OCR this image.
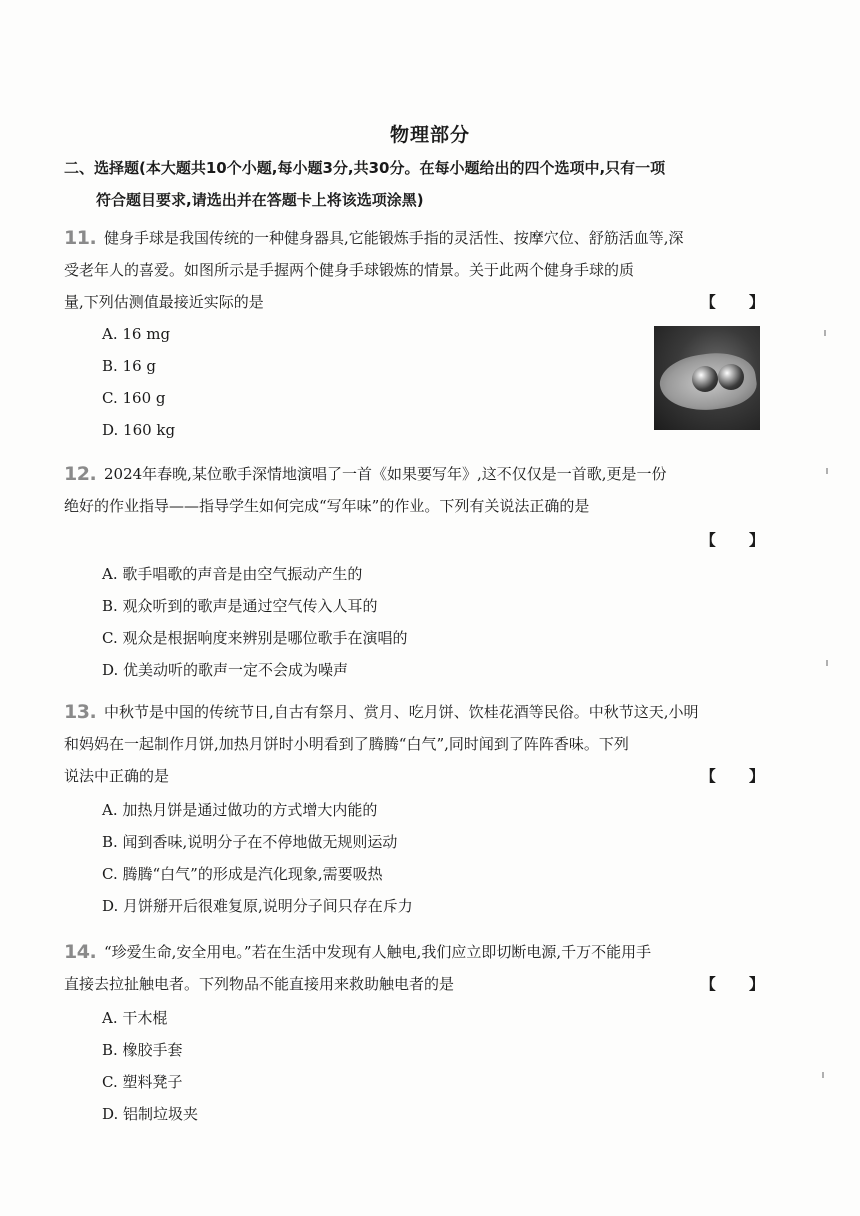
物理部分
二、选择题(本大题共10个小题,每小题3分,共30分。在每小题给出的四个选项中,只有一项
符合题目要求,请选出并在答题卡上将该选项涂黑)
11. 健身手球是我国传统的一种健身器具,它能锻炼手指的灵活性、按摩穴位、舒筋活血等,深
受老年人的喜爱。如图所示是手握两个健身手球锻炼的情景。关于此两个健身手球的质
量,下列估测值最接近实际的是	【 】
A. 16 mg
B. 16 g
C. 160 g
D. 160 kg
12. 2024年春晚,某位歌手深情地演唱了一首《如果要写年》,这不仅仅是一首歌,更是一份
绝好的作业指导——指导学生如何完成“写年味”的作业。下列有关说法正确的是
【 】
A. 歌手唱歌的声音是由空气振动产生的
B. 观众听到的歌声是通过空气传入人耳的
C. 观众是根据响度来辨别是哪位歌手在演唱的
D. 优美动听的歌声一定不会成为噪声
13. 中秋节是中国的传统节日,自古有祭月、赏月、吃月饼、饮桂花酒等民俗。中秋节这天,小明
和妈妈在一起制作月饼,加热月饼时小明看到了腾腾“白气”,同时闻到了阵阵香味。下列
说法中正确的是	【 】
A. 加热月饼是通过做功的方式增大内能的
B. 闻到香味,说明分子在不停地做无规则运动
C. 腾腾“白气”的形成是汽化现象,需要吸热
D. 月饼掰开后很难复原,说明分子间只存在斥力
14. “珍爱生命,安全用电。”若在生活中发现有人触电,我们应立即切断电源,千万不能用手
直接去拉扯触电者。下列物品不能直接用来救助触电者的是	【 】
A. 干木棍
B. 橡胶手套
C. 塑料凳子
D. 铝制垃圾夹
